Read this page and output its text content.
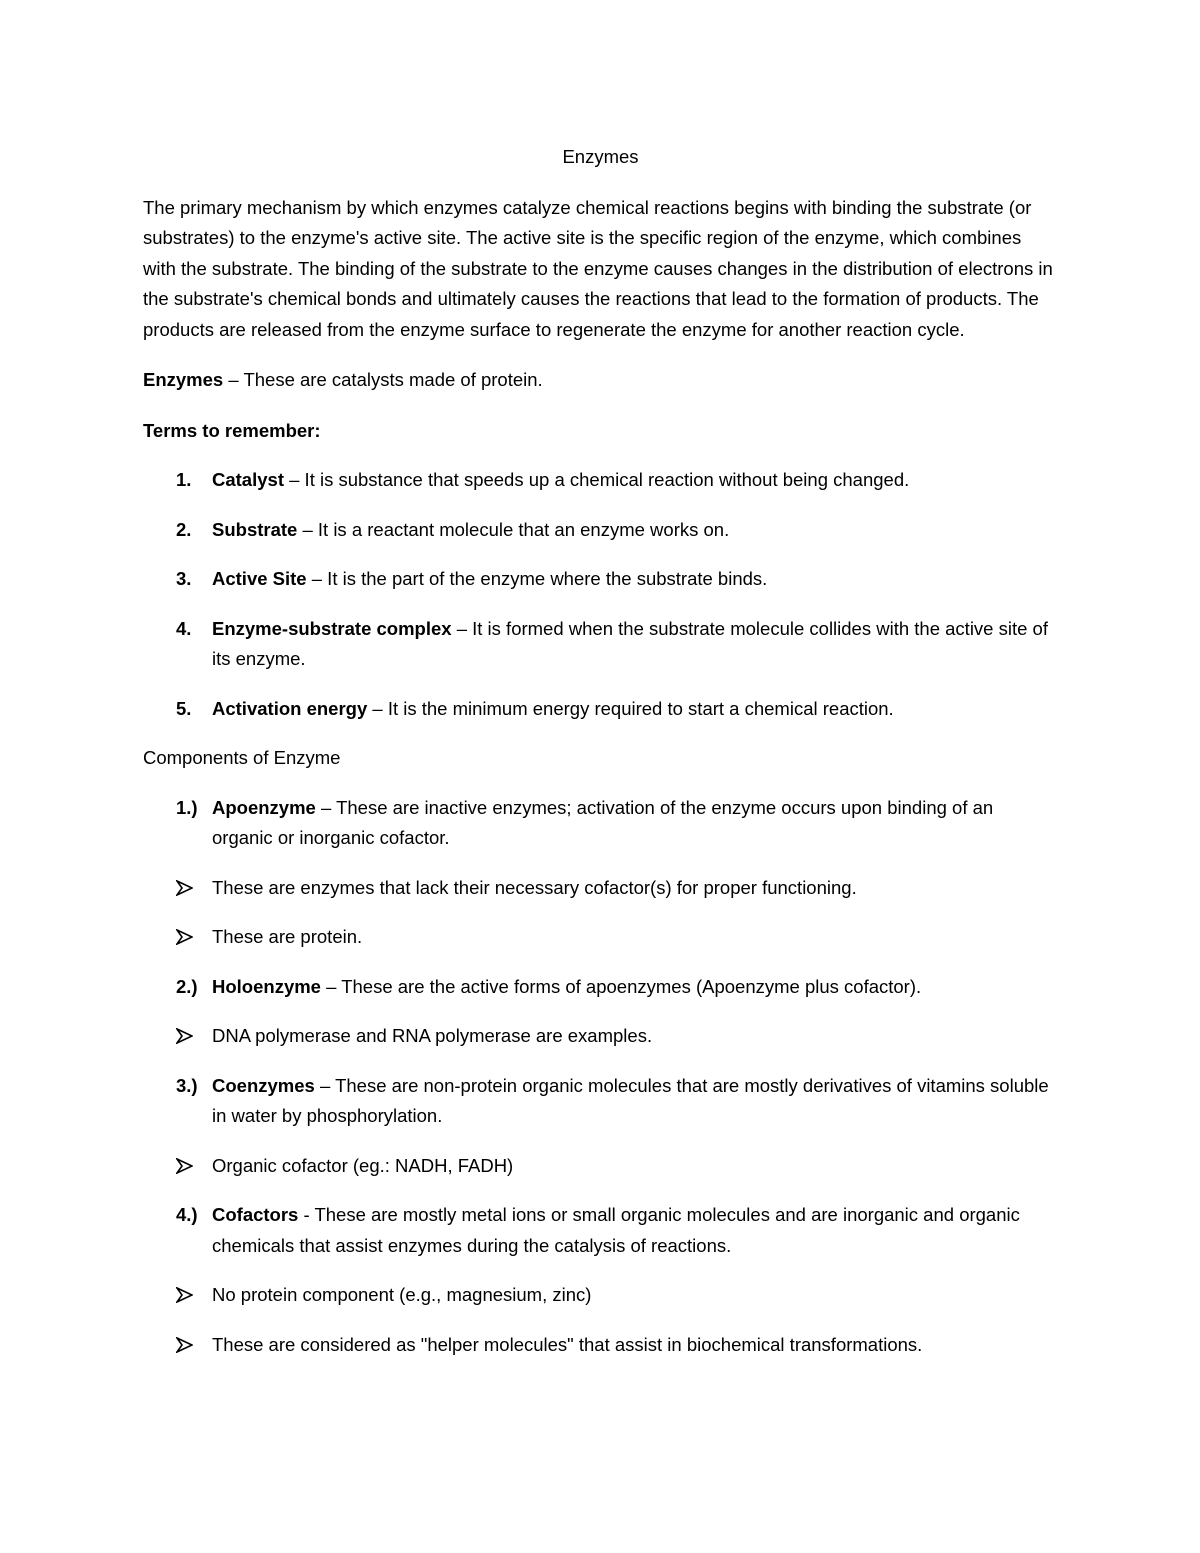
Enzymes

The primary mechanism by which enzymes catalyze chemical reactions begins with binding the substrate (or substrates) to the enzyme's active site. The active site is the specific region of the enzyme, which combines with the substrate. The binding of the substrate to the enzyme causes changes in the distribution of electrons in the substrate's chemical bonds and ultimately causes the reactions that lead to the formation of products. The products are released from the enzyme surface to regenerate the enzyme for another reaction cycle.

Enzymes – These are catalysts made of protein.

Terms to remember:

1. Catalyst – It is substance that speeds up a chemical reaction without being changed.
2. Substrate – It is a reactant molecule that an enzyme works on.
3. Active Site – It is the part of the enzyme where the substrate binds.
4. Enzyme-substrate complex – It is formed when the substrate molecule collides with the active site of its enzyme.
5. Activation energy – It is the minimum energy required to start a chemical reaction.

Components of Enzyme

1.) Apoenzyme – These are inactive enzymes; activation of the enzyme occurs upon binding of an organic or inorganic cofactor.
These are enzymes that lack their necessary cofactor(s) for proper functioning.
These are protein.
2.) Holoenzyme – These are the active forms of apoenzymes (Apoenzyme plus cofactor).
DNA polymerase and RNA polymerase are examples.
3.) Coenzymes – These are non-protein organic molecules that are mostly derivatives of vitamins soluble in water by phosphorylation.
Organic cofactor (eg.: NADH, FADH)
4.) Cofactors - These are mostly metal ions or small organic molecules and are inorganic and organic chemicals that assist enzymes during the catalysis of reactions.
No protein component (e.g., magnesium, zinc)
These are considered as "helper molecules" that assist in biochemical transformations.
